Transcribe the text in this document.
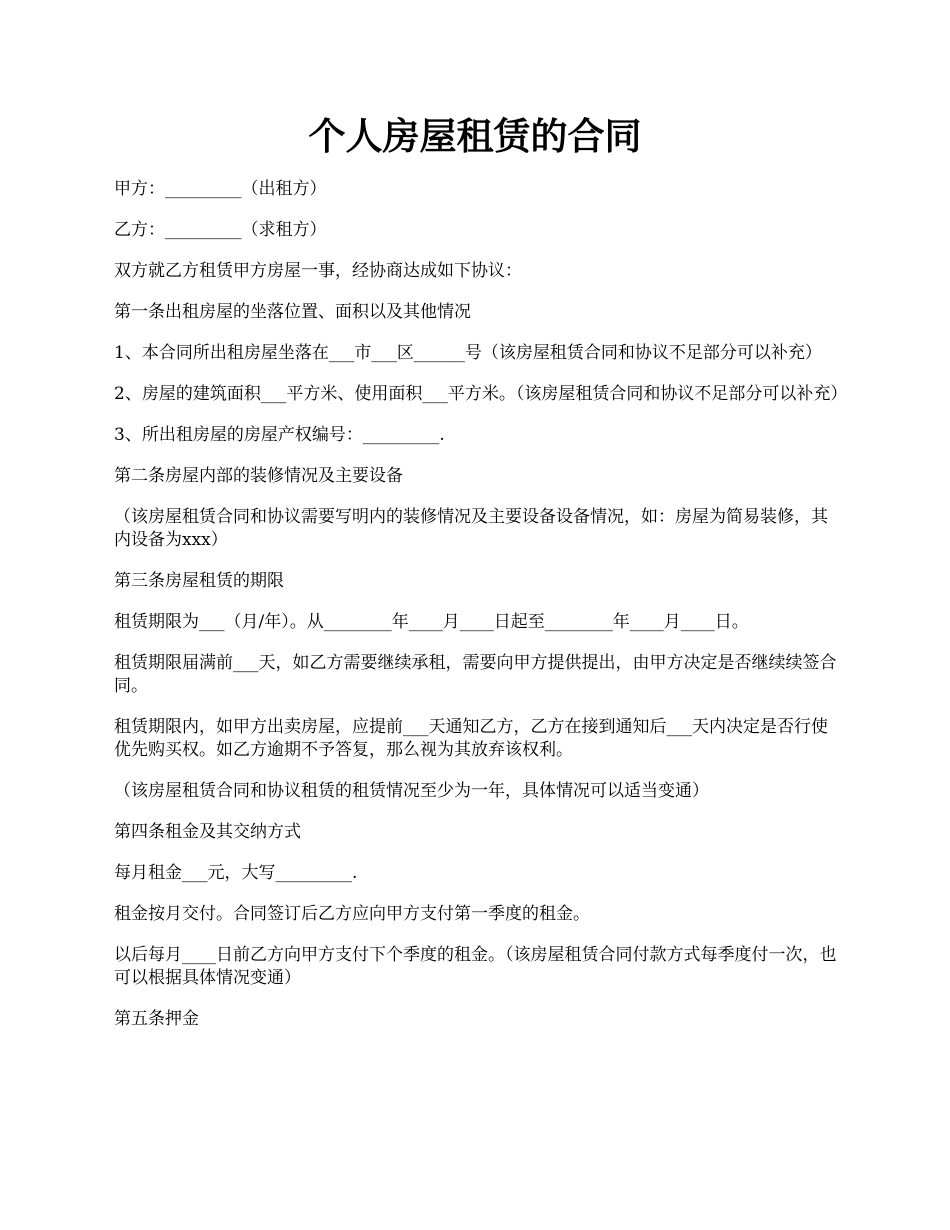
个人房屋租赁的合同

甲方：_________（出租方）

乙方：_________（求租方）

双方就乙方租赁甲方房屋一事，经协商达成如下协议：

第一条出租房屋的坐落位置、面积以及其他情况

1、本合同所出租房屋坐落在___市___区______号（该房屋租赁合同和协议不足部分可以补充）

2、房屋的建筑面积___平方米、使用面积___平方米。（该房屋租赁合同和协议不足部分可以补充）

3、所出租房屋的房屋产权编号：_________.

第二条房屋内部的装修情况及主要设备

（该房屋租赁合同和协议需要写明内的装修情况及主要设备设备情况，如：房屋为简易装修，其内设备为xxx）

第三条房屋租赁的期限

租赁期限为___（月/年）。从________年____月____日起至________年____月____日。

租赁期限届满前___天，如乙方需要继续承租，需要向甲方提供提出，由甲方决定是否继续续签合同。

租赁期限内，如甲方出卖房屋，应提前___天通知乙方，乙方在接到通知后___天内决定是否行使优先购买权。如乙方逾期不予答复，那么视为其放弃该权利。

（该房屋租赁合同和协议租赁的租赁情况至少为一年，具体情况可以适当变通）

第四条租金及其交纳方式

每月租金___元，大写_________.

租金按月交付。合同签订后乙方应向甲方支付第一季度的租金。

以后每月____日前乙方向甲方支付下个季度的租金。（该房屋租赁合同付款方式每季度付一次，也可以根据具体情况变通）

第五条押金
